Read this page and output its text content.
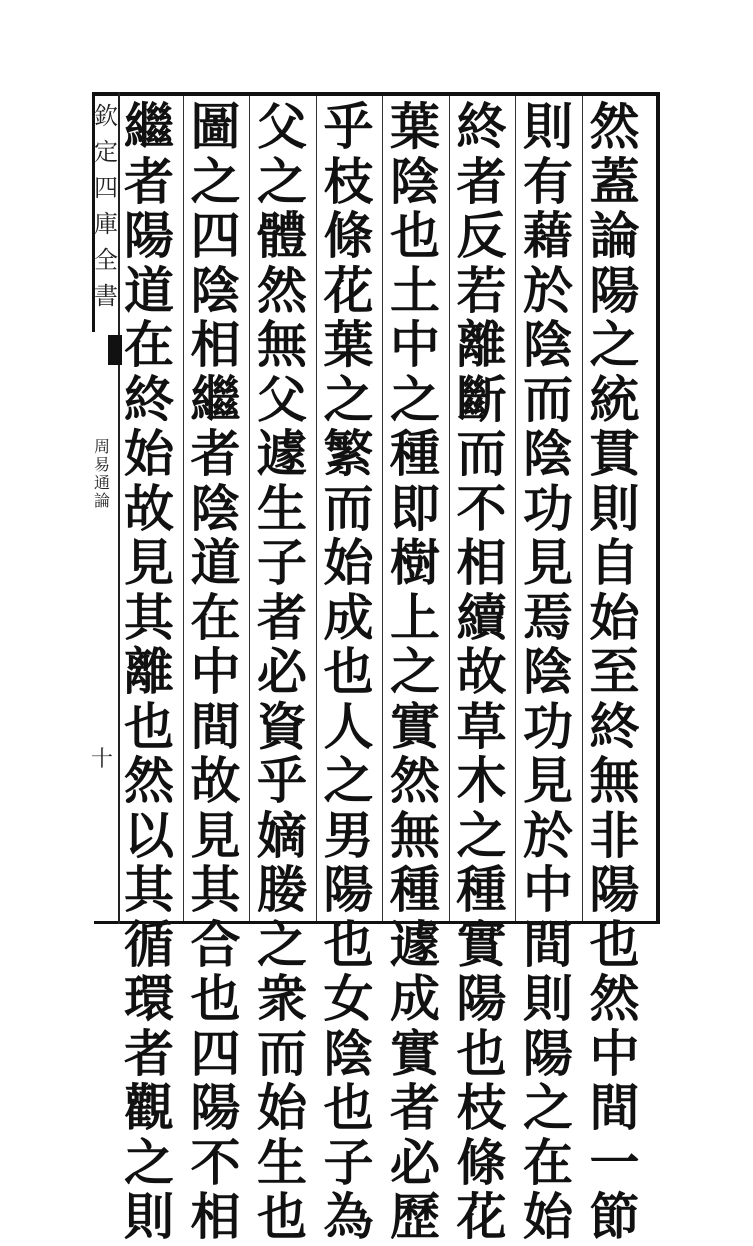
欽
定
四
庫
全
書
周
易
通
論
十
然
蓋
論
陽
之
統
貫
則
自
始
至
終
無
非
陽
也
然
中
間
一
節
則
有
藉
於
陰
而
陰
功
見
焉
陰
功
見
於
中
間
則
陽
之
在
始
終
者
反
若
離
斷
而
不
相
續
故
草
木
之
種
實
陽
也
枝
條
花
葉
陰
也
土
中
之
種
即
樹
上
之
實
然
無
種
遽
成
實
者
必
歷
乎
枝
條
花
葉
之
繁
而
始
成
也
人
之
男
陽
也
女
陰
也
子
為
父
之
體
然
無
父
遽
生
子
者
必
資
乎
嫡
媵
之
衆
而
始
生
也
圖
之
四
陰
相
繼
者
陰
道
在
中
間
故
見
其
合
也
四
陽
不
相
繼
者
陽
道
在
終
始
故
見
其
離
也
然
以
其
循
環
者
觀
之
則
